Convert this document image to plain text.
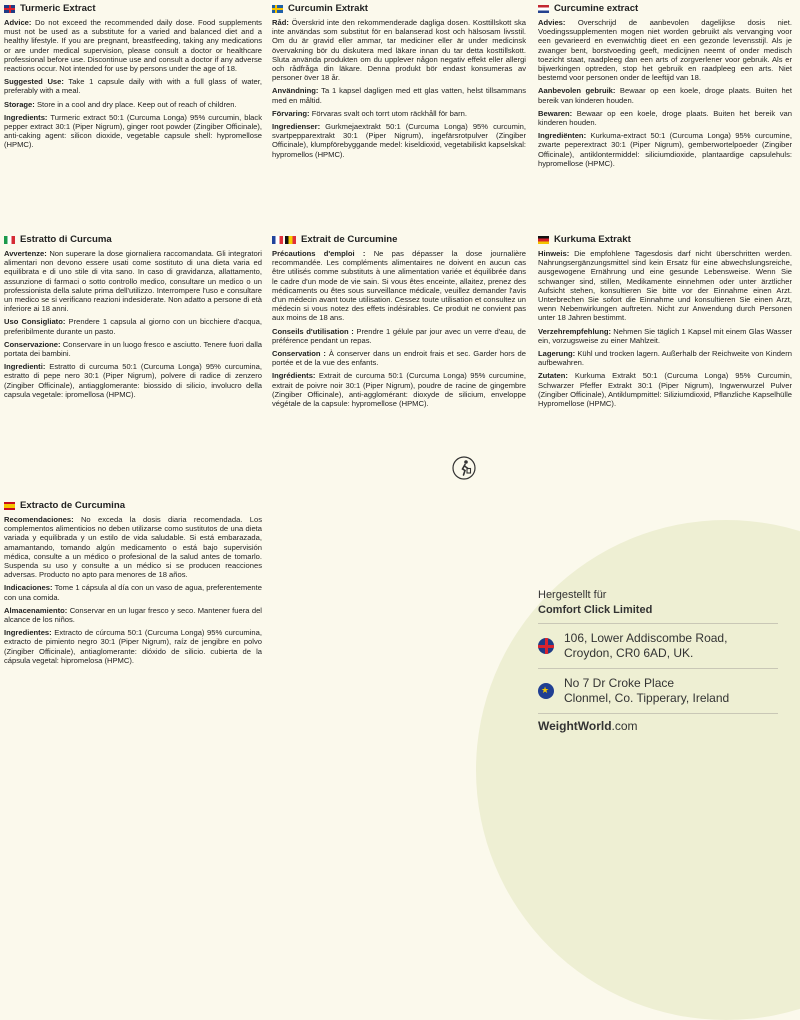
Turmeric Extract

Advice: Do not exceed the recommended daily dose. Food supplements must not be used as a substitute for a varied and balanced diet and a healthy lifestyle. If you are pregnant, breastfeeding, taking any medications or are under medical supervision, please consult a doctor or healthcare professional before use. Discontinue use and consult a doctor if any adverse reactions occur. Not intended for use by persons under the age of 18.

Suggested Use: Take 1 capsule daily with with a full glass of water, preferably with a meal.

Storage: Store in a cool and dry place. Keep out of reach of children.

Ingredients: Turmeric extract 50:1 (Curcuma Longa) 95% curcumin, black pepper extract 30:1 (Piper Nigrum), ginger root powder (Zingiber Officinale), anti-caking agent: silicon dioxide, vegetable capsule shell: hypromellose (HPMC).

Curcumin Extrakt

Råd: Överskrid inte den rekommenderade dagliga dosen. Kosttillskott ska inte användas som substitut för en balanserad kost och hälsosam livsstil. Om du är gravid eller ammar, tar mediciner eller är under medicinsk övervakning bör du diskutera med läkare innan du tar detta kosttillskott. Sluta använda produkten om du upplever någon negativ effekt eller allergi och rådfråga din läkare. Denna produkt bör endast konsumeras av personer över 18 år.

Användning: Ta 1 kapsel dagligen med ett glas vatten, helst tillsammans med en måltid.

Förvaring: Förvaras svalt och torrt utom räckhåll för barn.

Ingredienser: Gurkmejaextrakt 50:1 (Curcuma Longa) 95% curcumin, svartpepparextrakt 30:1 (Piper Nigrum), ingefärsrotpulver (Zingiber Officinale), klumpförebyggande medel: kiseldioxid, vegetabiliskt kapselskal: hypromellos (HPMC).

Curcumine extract

Advies: Overschrijd de aanbevolen dagelijkse dosis niet. Voedingssupplementen mogen niet worden gebruikt als vervanging voor een gevarieerd en evenwichtig dieet en een gezonde levensstijl. Als je zwanger bent, borstvoeding geeft, medicijnen neemt of onder medisch toezicht staat, raadpleeg dan een arts of zorgverlener voor gebruik. Als er bijwerkingen optreden, stop het gebruik en raadpleeg een arts. Niet bestemd voor personen onder de leeftijd van 18.

Aanbevolen gebruik: Bewaar op een koele, droge plaats. Buiten het bereik van kinderen houden.

Bewaren: Bewaar op een koele, droge plaats. Buiten het bereik van kinderen houden.

Ingrediënten: Kurkuma-extract 50:1 (Curcuma Longa) 95% curcumine, zwarte peperextract 30:1 (Piper Nigrum), gemberwortelpoeder (Zingiber Officinale), antiklontermiddel: siliciumdioxide, plantaardige capsulehuls: hypromellose (HPMC).

Estratto di Curcuma

Avvertenze: Non superare la dose giornaliera raccomandata. Gli integratori alimentari non devono essere usati come sostituto di una dieta varia ed equilibrata e di uno stile di vita sano. In caso di gravidanza, allattamento, assunzione di farmaci o sotto controllo medico, consultare un medico o un professionista della salute prima dell'utilizzo. Interrompere l'uso e consultare un medico se si verificano reazioni indesiderate. Non adatto a persone di età inferiore ai 18 anni.

Uso Consigliato: Prendere 1 capsula al giorno con un bicchiere d'acqua, preferibilmente durante un pasto.

Conservazione: Conservare in un luogo fresco e asciutto. Tenere fuori dalla portata dei bambini.

Ingredienti: Estratto di curcuma 50:1 (Curcuma Longa) 95% curcumina, estratto di pepe nero 30:1 (Piper Nigrum), polvere di radice di zenzero (Zingiber Officinale), antiagglomerante: biossido di silicio, involucro della capsula vegetale: ipromellosa (HPMC).

Extrait de Curcumine

Précautions d'emploi : Ne pas dépasser la dose journalière recommandée. Les compléments alimentaires ne doivent en aucun cas être utilisés comme substituts à une alimentation variée et équilibrée dans le cadre d'un mode de vie sain. Si vous êtes enceinte, allaitez, prenez des médicaments ou êtes sous surveillance médicale, veuillez demander l'avis d'un médecin avant toute utilisation. Cessez toute utilisation et consultez un médecin si vous notez des effets indésirables. Ce produit ne convient pas aux moins de 18 ans.

Conseils d'utilisation : Prendre 1 gélule par jour avec un verre d'eau, de préférence pendant un repas.

Conservation : À conserver dans un endroit frais et sec. Garder hors de portée et de la vue des enfants.

Ingrédients: Extrait de curcuma 50:1 (Curcuma Longa) 95% curcumine, extrait de poivre noir 30:1 (Piper Nigrum), poudre de racine de gingembre (Zingiber Officinale), anti-agglomérant: dioxyde de silicium, enveloppe végétale de la capsule: hypromellose (HPMC).

Kurkuma Extrakt

Hinweis: Die empfohlene Tagesdosis darf nicht überschritten werden. Nahrungsergänzungsmittel sind kein Ersatz für eine abwechslungsreiche, ausgewogene Ernährung und eine gesunde Lebensweise. Wenn Sie schwanger sind, stillen, Medikamente einnehmen oder unter ärztlicher Aufsicht stehen, konsultieren Sie bitte vor der Einnahme einen Arzt. Unterbrechen Sie sofort die Einnahme und konsultieren Sie einen Arzt, wenn Nebenwirkungen auftreten. Nicht zur Anwendung durch Personen unter 18 Jahren bestimmt.

Verzehrempfehlung: Nehmen Sie täglich 1 Kapsel mit einem Glas Wasser ein, vorzugsweise zu einer Mahlzeit.

Lagerung: Kühl und trocken lagern. Außerhalb der Reichweite von Kindern aufbewahren.

Zutaten: Kurkuma Extrakt 50:1 (Curcuma Longa) 95% Curcumin, Schwarzer Pfeffer Extrakt 30:1 (Piper Nigrum), Ingwerwurzel Pulver (Zingiber Officinale), Antiklumpmittel: Siliziumdioxid, Pflanzliche Kapselhülle Hypromellose (HPMC).

Extracto de Curcumina

Recomendaciones: No exceda la dosis diaria recomendada. Los complementos alimenticios no deben utilizarse como sustitutos de una dieta variada y equilibrada y un estilo de vida saludable. Si está embarazada, amamantando, tomando algún medicamento o está bajo supervisión médica, consulte a un médico o profesional de la salud antes de tomarlo. Suspenda su uso y consulte a un médico si se producen reacciones adversas. Producto no apto para menores de 18 años.

Indicaciones: Tome 1 cápsula al día con un vaso de agua, preferentemente con una comida.

Almacenamiento: Conservar en un lugar fresco y seco. Mantener fuera del alcance de los niños.

Ingredientes: Extracto de cúrcuma 50:1 (Curcuma Longa) 95% curcumina, extracto de pimiento negro 30:1 (Piper Nigrum), raíz de jengibre en polvo (Zingiber Officinale), antiaglomerante: dióxido de silicio. cubierta de la cápsula vegetal: hipromelosa (HPMC).

Hergestellt für
Comfort Click Limited
106, Lower Addiscombe Road,
Croydon, CR0 6AD, UK.
★
No 7 Dr Croke Place
Clonmel, Co. Tipperary, Ireland
WeightWorld.com
